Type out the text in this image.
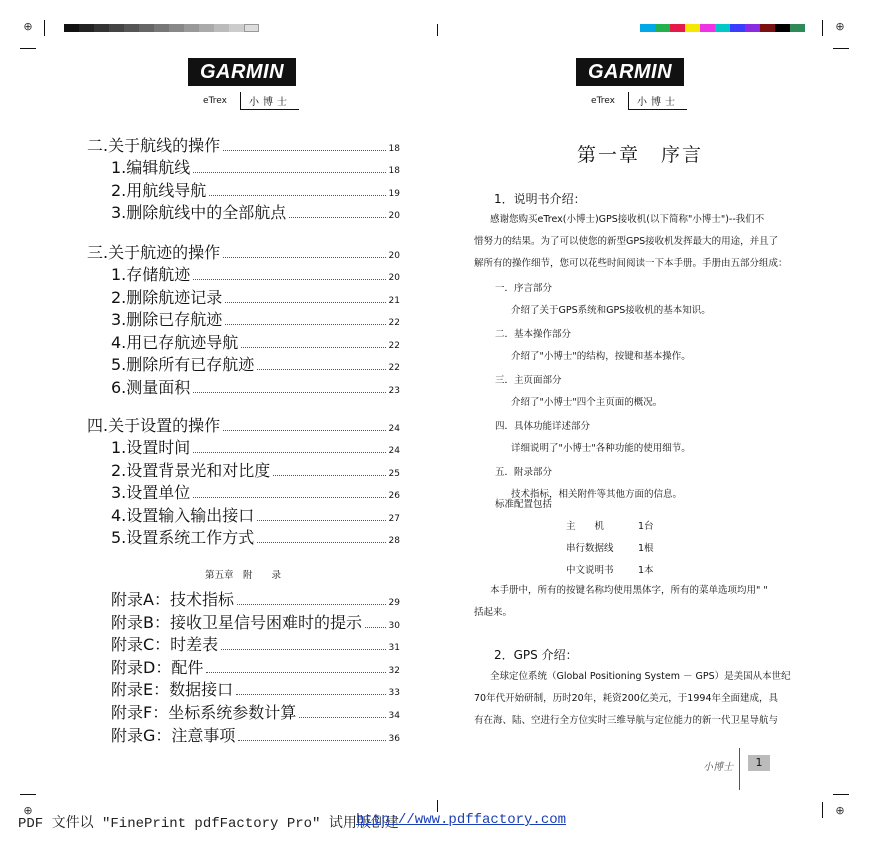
⊕	⊕
⊕	⊕
GARMIN
eTrex	小博士
GARMIN
eTrex	小博士
二.关于航线的操作	18
1.编辑航线	18
2.用航线导航	19
3.删除航线中的全部航点	20
三.关于航迹的操作	20
1.存储航迹	20
2.删除航迹记录	21
3.删除已存航迹	22
4.用已存航迹导航	22
5.删除所有已存航迹	22
6.测量面积	23
四.关于设置的操作	24
1.设置时间	24
2.设置背景光和对比度	25
3.设置单位	26
4.设置输入输出接口	27
5.设置系统工作方式	28
附录A：技术指标	29
附录B：接收卫星信号困难时的提示	30
附录C：时差表	31
附录D：配件	32
附录E：数据接口	33
附录F：坐标系统参数计算	34
附录G：注意事项	36
第五章　附　　录
第一章　序言
1．说明书介绍：
感谢您购买eTrex(小博士)GPS接收机(以下简称"小博士")--我们不
惜努力的结果。为了可以使您的新型GPS接收机发挥最大的用途，并且了
解所有的操作细节，您可以花些时间阅读一下本手册。手册由五部分组成：
一．序言部分
介绍了关于GPS系统和GPS接收机的基本知识。
二．基本操作部分
介绍了"小博士"的结构，按键和基本操作。
三．主页面部分
介绍了"小博士"四个主页面的概况。
四．具体功能详述部分
详细说明了"小博士"各种功能的使用细节。
五．附录部分
技术指标，相关附件等其他方面的信息。
标准配置包括
主　　机	1台
串行数据线	1根
中文说明书	1本
本手册中，所有的按键名称均使用黑体字，所有的菜单选项均用" "
括起来。
全球定位系统（Global Positioning System － GPS）是美国从本世纪
70年代开始研制，历时20年，耗资200亿美元，于1994年全面建成，具
有在海、陆、空进行全方位实时三维导航与定位能力的新一代卫星导航与
2．GPS 介绍：
小博士	1
PDF 文件以 "FinePrint pdfFactory Pro" 试用版创建
http://www.pdffactory.com
